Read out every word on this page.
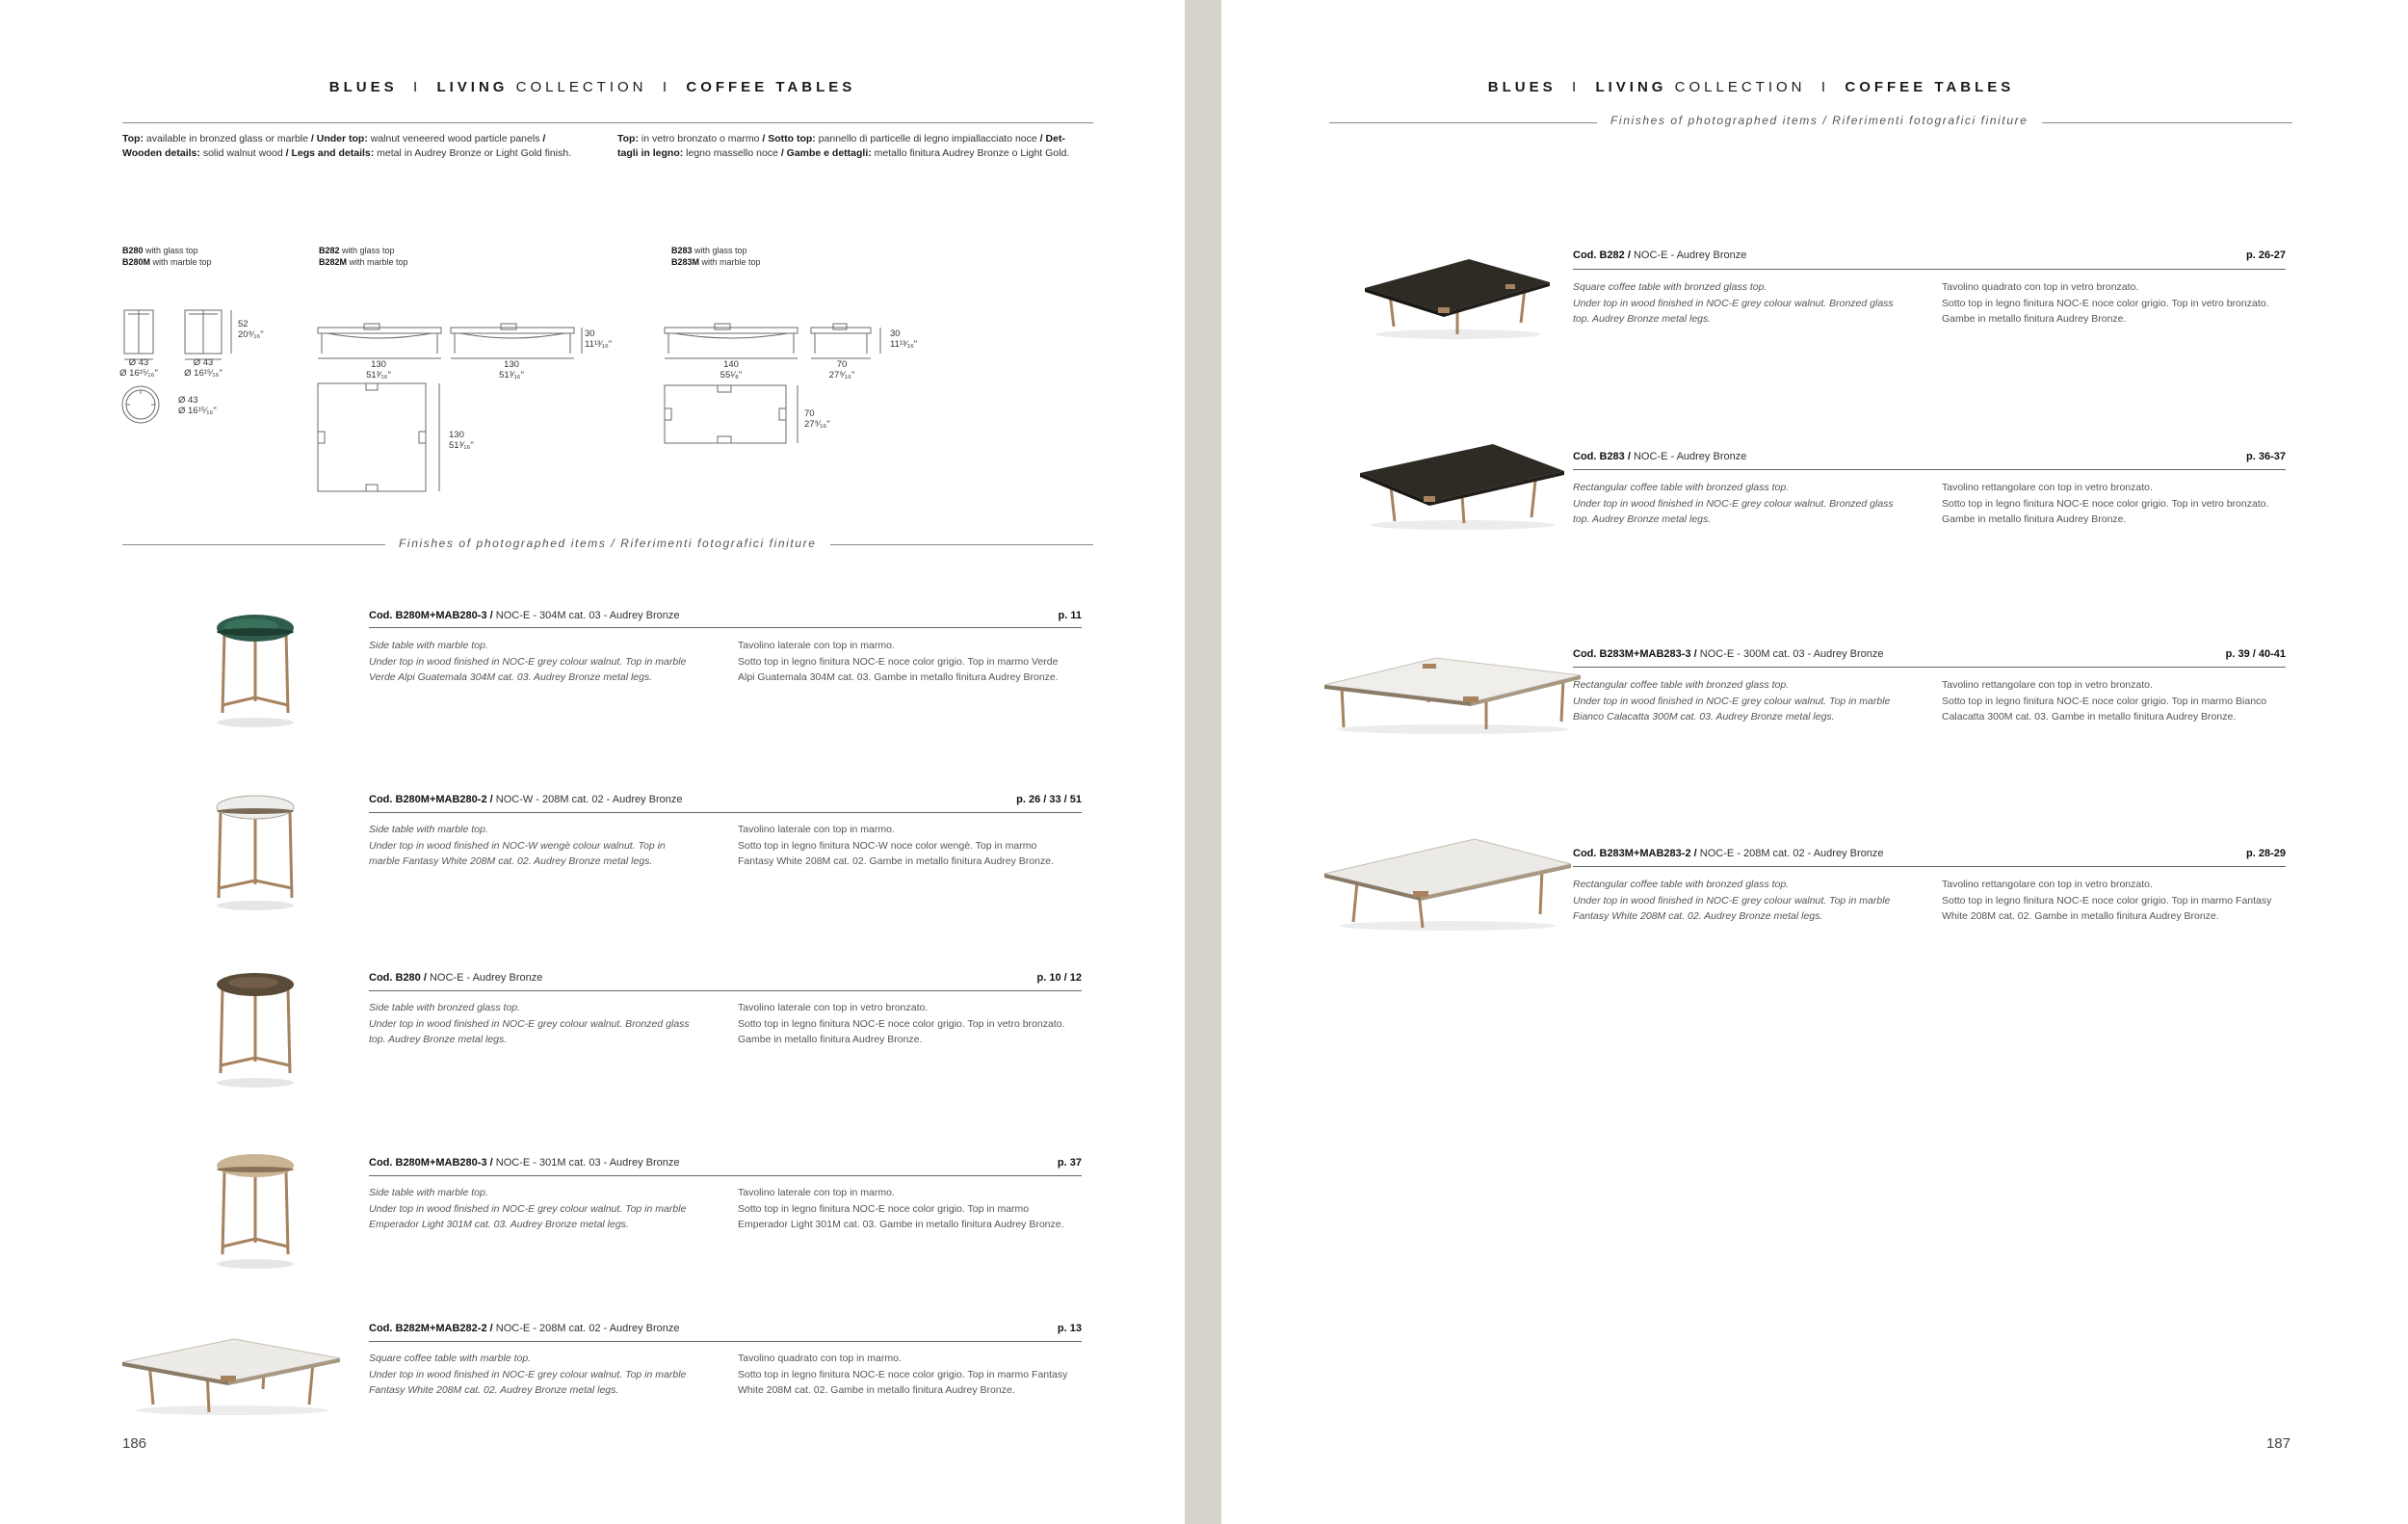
BLUES I LIVING COLLECTION I COFFEE TABLES
Top: available in bronzed glass or marble / Under top: walnut veneered wood particle panels /
Wooden details: solid walnut wood / Legs and details: metal in Audrey Bronze or Light Gold finish.
Top: in vetro bronzato o marmo / Sotto top: pannello di particelle di legno impiallacciato noce / Det-
tagli in legno: legno massello noce / Gambe e dettagli: metallo finitura Audrey Bronze o Light Gold.
B280 with glass top
B280M with marble top
B282 with glass top
B282M with marble top
B283 with glass top
B283M with marble top
52
20⁹⁄₁₆"
Ø 43
Ø 16¹⁵⁄₁₆"
Ø 43
Ø 16¹⁵⁄₁₆"
Ø 43
Ø 16¹⁵⁄₁₆"
130
51³⁄₁₆"
130
51³⁄₁₆"
30
11¹³⁄₁₆"
130
51³⁄₁₆"
140
55¹⁄₈"
70
27⁹⁄₁₆"
30
11¹³⁄₁₆"
70
27⁹⁄₁₆"
Finishes of photographed items / Riferimenti fotografici finiture
Cod. B280M+MAB280-3 / NOC-E - 304M cat. 03 - Audrey Bronze	p. 11
Side table with marble top.
Under top in wood finished in NOC-E grey colour walnut. Top in marble
Verde Alpi Guatemala 304M cat. 03. Audrey Bronze metal legs.
Tavolino laterale con top in marmo.
Sotto top in legno finitura NOC-E noce color grigio. Top in marmo Verde
Alpi Guatemala 304M cat. 03. Gambe in metallo finitura Audrey Bronze.
Cod. B280M+MAB280-2 / NOC-W - 208M cat. 02 - Audrey Bronze	p. 26 / 33 / 51
Side table with marble top.
Under top in wood finished in NOC-W wengè colour walnut. Top in
marble Fantasy White 208M cat. 02. Audrey Bronze metal legs.
Tavolino laterale con top in marmo.
Sotto top in legno finitura NOC-W noce color wengè. Top in marmo
Fantasy White 208M cat. 02. Gambe in metallo finitura Audrey Bronze.
Cod. B280 / NOC-E - Audrey Bronze	p. 10 / 12
Side table with bronzed glass top.
Under top in wood finished in NOC-E grey colour walnut. Bronzed glass
top. Audrey Bronze metal legs.
Tavolino laterale con top in vetro bronzato.
Sotto top in legno finitura NOC-E noce color grigio. Top in vetro bronzato.
Gambe in metallo finitura Audrey Bronze.
Cod. B280M+MAB280-3 / NOC-E - 301M cat. 03 - Audrey Bronze	p. 37
Side table with marble top.
Under top in wood finished in NOC-E grey colour walnut. Top in marble
Emperador Light 301M cat. 03. Audrey Bronze metal legs.
Tavolino laterale con top in marmo.
Sotto top in legno finitura NOC-E noce color grigio. Top in marmo
Emperador Light 301M cat. 03. Gambe in metallo finitura Audrey Bronze.
Cod. B282M+MAB282-2 / NOC-E - 208M cat. 02 - Audrey Bronze	p. 13
Square coffee table with marble top.
Under top in wood finished in NOC-E grey colour walnut. Top in marble
Fantasy White 208M cat. 02. Audrey Bronze metal legs.
Tavolino quadrato con top in marmo.
Sotto top in legno finitura NOC-E noce color grigio. Top in marmo Fantasy
White 208M cat. 02. Gambe in metallo finitura Audrey Bronze.
186
BLUES I LIVING COLLECTION I COFFEE TABLES
Finishes of photographed items / Riferimenti fotografici finiture
Cod. B282 / NOC-E - Audrey Bronze	p. 26-27
Square coffee table with bronzed glass top.
Under top in wood finished in NOC-E grey colour walnut. Bronzed glass
top. Audrey Bronze metal legs.
Tavolino quadrato con top in vetro bronzato.
Sotto top in legno finitura NOC-E noce color grigio. Top in vetro bronzato.
Gambe in metallo finitura Audrey Bronze.
Cod. B283 / NOC-E - Audrey Bronze	p. 36-37
Rectangular coffee table with bronzed glass top.
Under top in wood finished in NOC-E grey colour walnut. Bronzed glass
top. Audrey Bronze metal legs.
Tavolino rettangolare con top in vetro bronzato.
Sotto top in legno finitura NOC-E noce color grigio. Top in vetro bronzato.
Gambe in metallo finitura Audrey Bronze.
Cod. B283M+MAB283-3 / NOC-E - 300M cat. 03 - Audrey Bronze	p. 39 / 40-41
Rectangular coffee table with bronzed glass top.
Under top in wood finished in NOC-E grey colour walnut. Top in marble
Bianco Calacatta 300M cat. 03. Audrey Bronze metal legs.
Tavolino rettangolare con top in vetro bronzato.
Sotto top in legno finitura NOC-E noce color grigio. Top in marmo Bianco
Calacatta 300M cat. 03. Gambe in metallo finitura Audrey Bronze.
Cod. B283M+MAB283-2 / NOC-E - 208M cat. 02 - Audrey Bronze	p. 28-29
Rectangular coffee table with bronzed glass top.
Under top in wood finished in NOC-E grey colour walnut. Top in marble
Fantasy White 208M cat. 02. Audrey Bronze metal legs.
Tavolino rettangolare con top in vetro bronzato.
Sotto top in legno finitura NOC-E noce color grigio. Top in marmo Fantasy
White 208M cat. 02. Gambe in metallo finitura Audrey Bronze.
187
